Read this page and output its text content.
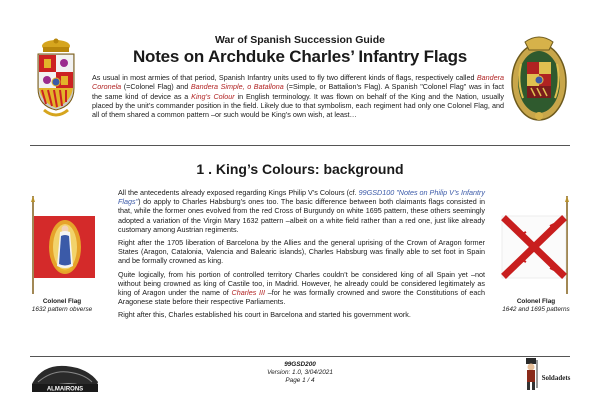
War of Spanish Succession Guide
Notes on Archduke Charles’ Infantry Flags
As usual in most armies of that period, Spanish Infantry units used to fly two different kinds of flags, respectively called Bandera Coronela (=Colonel Flag) and Bandera Simple, o Batallona (=Simple, or Battalion’s Flag). A Spanish "Colonel Flag" was in fact the same kind of device as a King’s Colour in English terminology. It was flown on behalf of the King and the Nation, usually placed by the unit’s commander position in the field. Likely due to that symbolism, each regiment had only one Colonel Flag, and all of them shared a common pattern –or such would be King’s own wish, at least…
1 . King’s Colours: background
Colonel Flag
1632 pattern obverse
Colonel Flag
1642 and 1695 patterns

All the antecedents already exposed regarding Kings Philip V’s Colours (cf. 99GSD100 "Notes on Philip V’s Infantry Flags") do apply to Charles Habsburg’s ones too. The basic difference between both claimants flags consisted in that, while the former ones evolved from the red Cross of Burgundy on white 1695 pattern, these others seemingly adopted a variation of the Virgin Mary 1632 pattern –albeit on a white field rather than a red one, just like already customary among Austrian regiments.

Right after the 1705 liberation of Barcelona by the Allies and the general uprising of the Crown of Aragon former States (Aragon, Catalonia, Valencia and Balearic islands), Charles Habsburg was finally able to set foot in Spain and be formally crowned as king.

Quite logically, from his portion of controlled territory Charles couldn’t be considered king of all Spain yet –not without being crowned as king of Castile too, in Madrid. However, he already could be considered legitimately as king of Aragon under the name of Charles III –for he was formally crowned and swore the Constitutions of each Aragonese state before their respective Parliaments.

Right after this, Charles established his court in Barcelona and started his government work.

ALMAIRONS
99GSD200
Version: 1.0, 3/04/2021
Page 1 / 4	Soldadets
